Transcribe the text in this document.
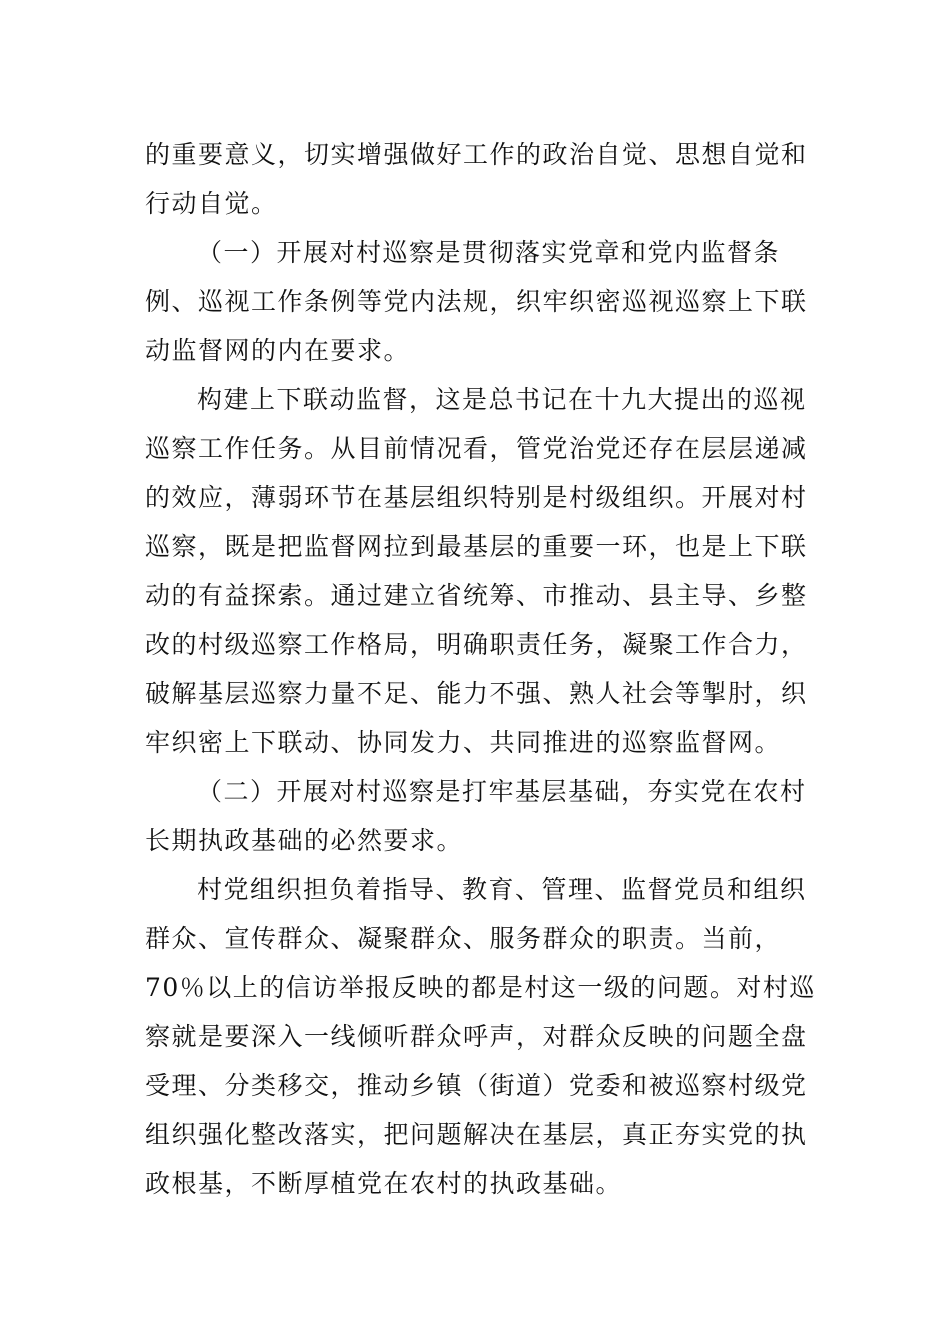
的重要意义，切实增强做好工作的政治自觉、思想自觉和
行动自觉。
（一）开展对村巡察是贯彻落实党章和党内监督条
例、巡视工作条例等党内法规，织牢织密巡视巡察上下联
动监督网的内在要求。
构建上下联动监督，这是总书记在十九大提出的巡视
巡察工作任务。从目前情况看，管党治党还存在层层递减
的效应，薄弱环节在基层组织特别是村级组织。开展对村
巡察，既是把监督网拉到最基层的重要一环，也是上下联
动的有益探索。通过建立省统筹、市推动、县主导、乡整
改的村级巡察工作格局，明确职责任务，凝聚工作合力，
破解基层巡察力量不足、能力不强、熟人社会等掣肘，织
牢织密上下联动、协同发力、共同推进的巡察监督网。
（二）开展对村巡察是打牢基层基础，夯实党在农村
长期执政基础的必然要求。
村党组织担负着指导、教育、管理、监督党员和组织
群众、宣传群众、凝聚群众、服务群众的职责。当前，
70％以上的信访举报反映的都是村这一级的问题。对村巡
察就是要深入一线倾听群众呼声，对群众反映的问题全盘
受理、分类移交，推动乡镇（街道）党委和被巡察村级党
组织强化整改落实，把问题解决在基层，真正夯实党的执
政根基，不断厚植党在农村的执政基础。
